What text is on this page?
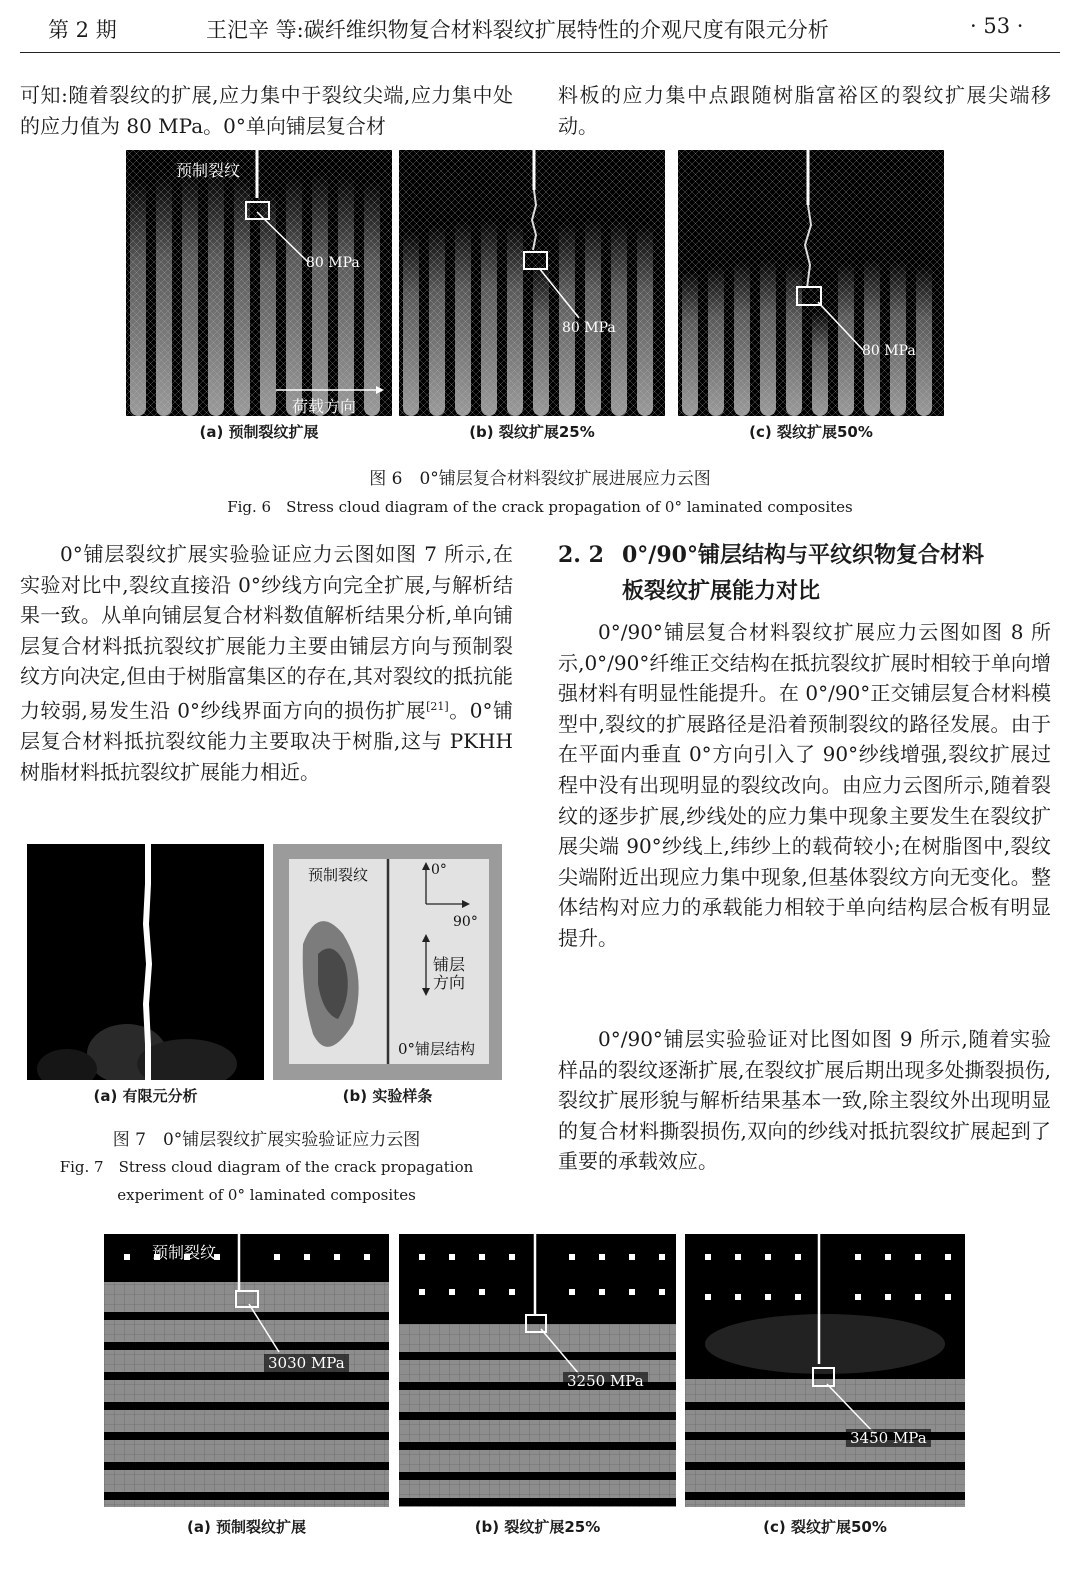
第 2 期	王汜辛 等:碳纤维织物复合材料裂纹扩展特性的介观尺度有限元分析	· 53 ·

可知:随着裂纹的扩展,应力集中于裂纹尖端,应力集中处的应力值为 80 MPa。0°单向铺层复合材

料板的应力集中点跟随树脂富裕区的裂纹扩展尖端移动。

预制裂纹
80 MPa
荷载方向
80 MPa
80 MPa
(a) 预制裂纹扩展	(b) 裂纹扩展25%	(c) 裂纹扩展50%
图 6　0°铺层复合材料裂纹扩展进展应力云图
Fig. 6　Stress cloud diagram of the crack propagation of 0° laminated composites

0°铺层裂纹扩展实验验证应力云图如图 7 所示,在实验对比中,裂纹直接沿 0°纱线方向完全扩展,与解析结果一致。从单向铺层复合材料数值解析结果分析,单向铺层复合材料抵抗裂纹扩展能力主要由铺层方向与预制裂纹方向决定,但由于树脂富集区的存在,其对裂纹的抵抗能力较弱,易发生沿 0°纱线界面方向的损伤扩展[21]。0°铺层复合材料抵抗裂纹能力主要取决于树脂,这与 PKHH 树脂材料抵抗裂纹扩展能力相近。

预制裂纹	0°
90°
铺层
方向
0°铺层结构
(a) 有限元分析	(b) 实验样条
图 7　0°铺层裂纹扩展实验验证应力云图
Fig. 7　Stress cloud diagram of the crack propagation
experiment of 0° laminated composites
2. 2 0°/90°铺层结构与平纹织物复合材料
板裂纹扩展能力对比

0°/90°铺层复合材料裂纹扩展应力云图如图 8 所示,0°/90°纤维正交结构在抵抗裂纹扩展时相较于单向增强材料有明显性能提升。在 0°/90°正交铺层复合材料模型中,裂纹的扩展路径是沿着预制裂纹的路径发展。由于在平面内垂直 0°方向引入了 90°纱线增强,裂纹扩展过程中没有出现明显的裂纹改向。由应力云图所示,随着裂纹的逐步扩展,纱线处的应力集中现象主要发生在裂纹扩展尖端 90°纱线上,纬纱上的载荷较小;在树脂图中,裂纹尖端附近出现应力集中现象,但基体裂纹方向无变化。整体结构对应力的承载能力相较于单向结构层合板有明显提升。

0°/90°铺层实验验证对比图如图 9 所示,随着实验样品的裂纹逐渐扩展,在裂纹扩展后期出现多处撕裂损伤,裂纹扩展形貌与解析结果基本一致,除主裂纹外出现明显的复合材料撕裂损伤,双向的纱线对抵抗裂纹扩展起到了重要的承载效应。

预制裂纹
3030 MPa
3250 MPa
3450 MPa
(a) 预制裂纹扩展	(b) 裂纹扩展25%	(c) 裂纹扩展50%
